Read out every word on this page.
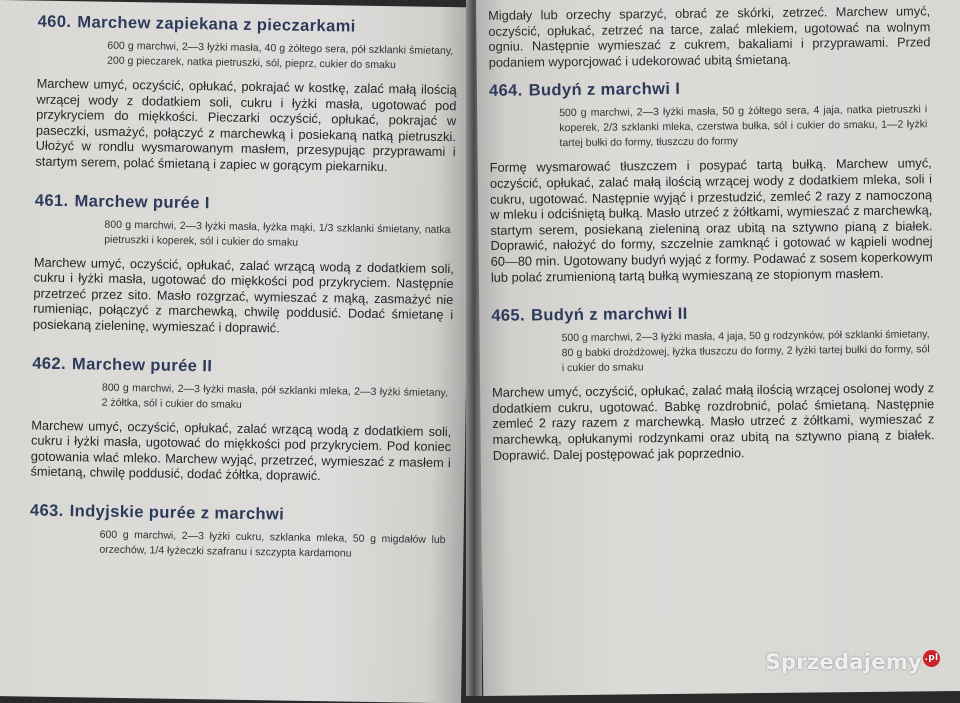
460. Marchew zapiekana z pieczarkami

600 g marchwi, 2—3 łyżki masła, 40 g żółtego sera, pół szklanki śmietany, 200 g pieczarek, natka pietruszki, sól, pieprz, cukier do smaku

Marchew umyć, oczyścić, opłukać, pokrajać w kostkę, zalać małą ilością wrzącej wody z dodatkiem soli, cukru i łyżki masła, ugotować pod przykryciem do miękkości. Pieczarki oczyścić, opłukać, pokrajać w paseczki, usmażyć, połączyć z marchewką i posiekaną natką pietruszki. Ułożyć w rondlu wysmarowanym masłem, przesypując przyprawami i startym serem, polać śmietaną i zapiec w gorącym piekarniku.

461. Marchew purée I

800 g marchwi, 2—3 łyżki masła, łyżka mąki, 1/3 szklanki śmietany, natka pietruszki i koperek, sól i cukier do smaku

Marchew umyć, oczyścić, opłukać, zalać wrzącą wodą z dodatkiem soli, cukru i łyżki masła, ugotować do miękkości pod przykryciem. Następnie przetrzeć przez sito. Masło rozgrzać, wymieszać z mąką, zasmażyć nie rumieniąc, połączyć z marchewką, chwilę poddusić. Dodać śmietanę i posiekaną zieleninę, wymieszać i doprawić.

462. Marchew purée II

800 g marchwi, 2—3 łyżki masła, pół szklanki mleka, 2—3 łyżki śmietany, 2 żółtka, sól i cukier do smaku

Marchew umyć, oczyścić, opłukać, zalać wrzącą wodą z dodatkiem soli, cukru i łyżki masła, ugotować do miękkości pod przykryciem. Pod koniec gotowania wlać mleko. Marchew wyjąć, przetrzeć, wymieszać z masłem i śmietaną, chwilę poddusić, dodać żółtka, doprawić.

463. Indyjskie purée z marchwi

600 g marchwi, 2—3 łyżki cukru, szklanka mleka, 50 g migdałów lub orzechów, 1/4 łyżeczki szafranu i szczypta kardamonu

Migdały lub orzechy sparzyć, obrać ze skórki, zetrzeć. Marchew umyć, oczyścić, opłukać, zetrzeć na tarce, zalać mlekiem, ugotować na wolnym ogniu. Następnie wymieszać z cukrem, bakaliami i przyprawami. Przed podaniem wyporcjować i udekorować ubitą śmietaną.

464. Budyń z marchwi I

500 g marchwi, 2—3 łyżki masła, 50 g żółtego sera, 4 jaja, natka pietruszki i koperek, 2/3 szklanki mleka, czerstwa bułka, sól i cukier do smaku, 1—2 łyżki tartej bułki do formy, tłuszczu do formy

Formę wysmarować tłuszczem i posypać tartą bułką. Marchew umyć, oczyścić, opłukać, zalać małą ilością wrzącej wody z dodatkiem mleka, soli i cukru, ugotować. Następnie wyjąć i przestudzić, zemleć 2 razy z namoczoną w mleku i odciśniętą bułką. Masło utrzeć z żółtkami, wymieszać z marchewką, startym serem, posiekaną zieleniną oraz ubitą na sztywno pianą z białek. Doprawić, nałożyć do formy, szczelnie zamknąć i gotować w kąpieli wodnej 60—80 min. Ugotowany budyń wyjąć z formy. Podawać z sosem koperkowym lub polać zrumienioną tartą bułką wymieszaną ze stopionym masłem.

465. Budyń z marchwi II

500 g marchwi, 2—3 łyżki masła, 4 jaja, 50 g rodzynków, pół szklanki śmietany, 80 g babki drożdżowej, łyżka tłuszczu do formy, 2 łyżki tartej bułki do formy, sól i cukier do smaku

Marchew umyć, oczyścić, opłukać, zalać małą ilością wrzącej osolonej wody z dodatkiem cukru, ugotować. Babkę rozdrobnić, polać śmietaną. Następnie zemleć 2 razy razem z marchewką. Masło utrzeć z żółtkami, wymieszać z marchewką, opłukanymi rodzynkami oraz ubitą na sztywno pianą z białek. Doprawić. Dalej postępować jak poprzednio.

Sprzedajemy .pl
